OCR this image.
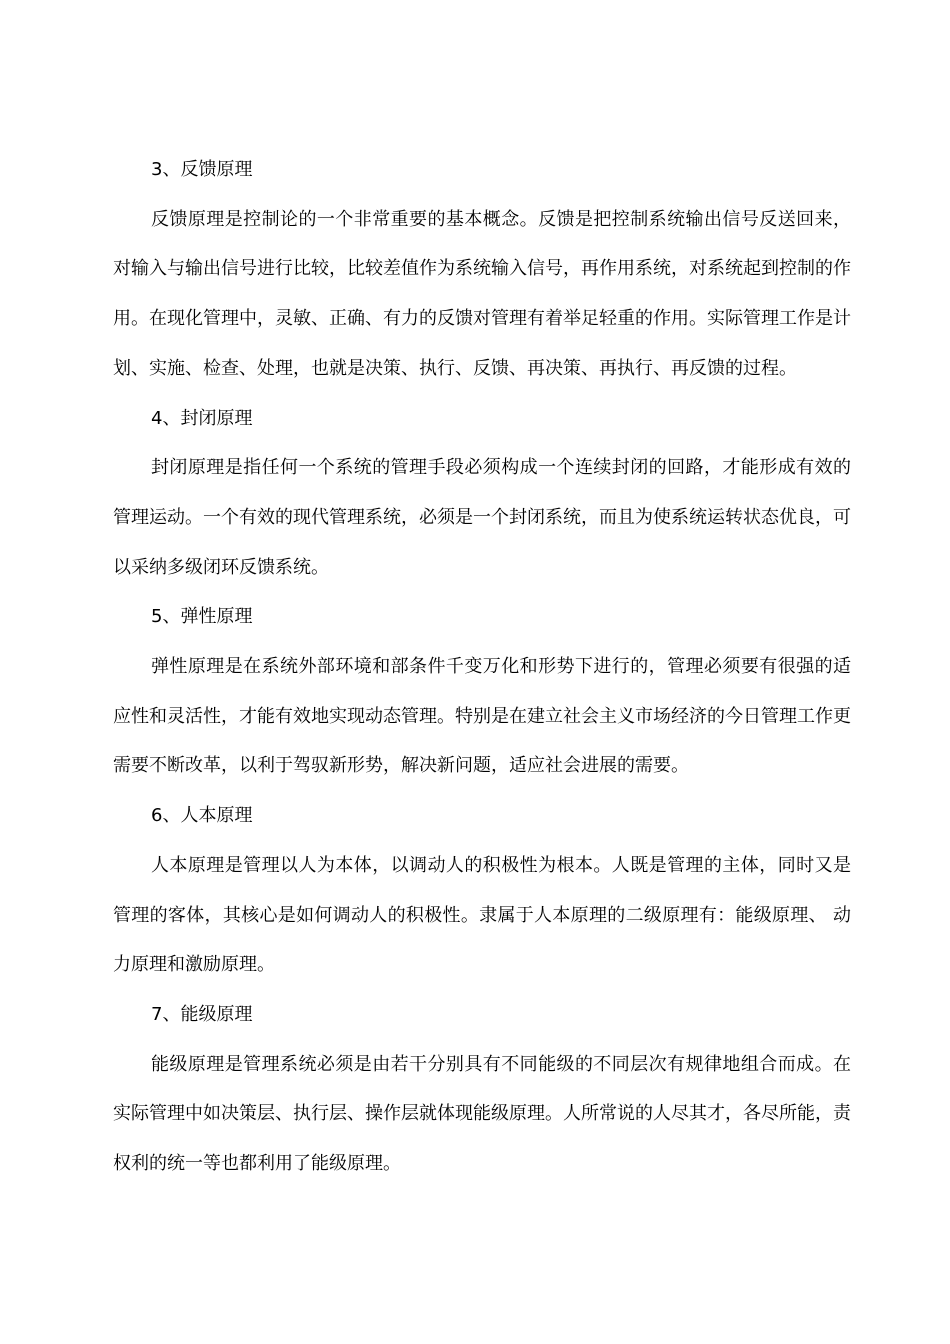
3、反馈原理

反馈原理是控制论的一个非常重要的基本概念。反馈是把控制系统输出信号反送回来，对输入与输出信号进行比较，比较差值作为系统输入信号，再作用系统，对系统起到控制的作用。在现化管理中，灵敏、正确、有力的反馈对管理有着举足轻重的作用。实际管理工作是计划、实施、检查、处理，也就是决策、执行、反馈、再决策、再执行、再反馈的过程。

4、封闭原理

封闭原理是指任何一个系统的管理手段必须构成一个连续封闭的回路，才能形成有效的管理运动。一个有效的现代管理系统，必须是一个封闭系统，而且为使系统运转状态优良，可以采纳多级闭环反馈系统。

5、弹性原理

弹性原理是在系统外部环境和部条件千变万化和形势下进行的，管理必须要有很强的适应性和灵活性，才能有效地实现动态管理。特别是在建立社会主义市场经济的今日管理工作更需要不断改革，以利于驾驭新形势，解决新问题，适应社会进展的需要。

6、人本原理

人本原理是管理以人为本体，以调动人的积极性为根本。人既是管理的主体，同时又是管理的客体，其核心是如何调动人的积极性。隶属于人本原理的二级原理有：能级原理、 动力原理和激励原理。

7、能级原理

能级原理是管理系统必须是由若干分别具有不同能级的不同层次有规律地组合而成。在实际管理中如决策层、执行层、操作层就体现能级原理。人所常说的人尽其才，各尽所能，责权利的统一等也都利用了能级原理。
